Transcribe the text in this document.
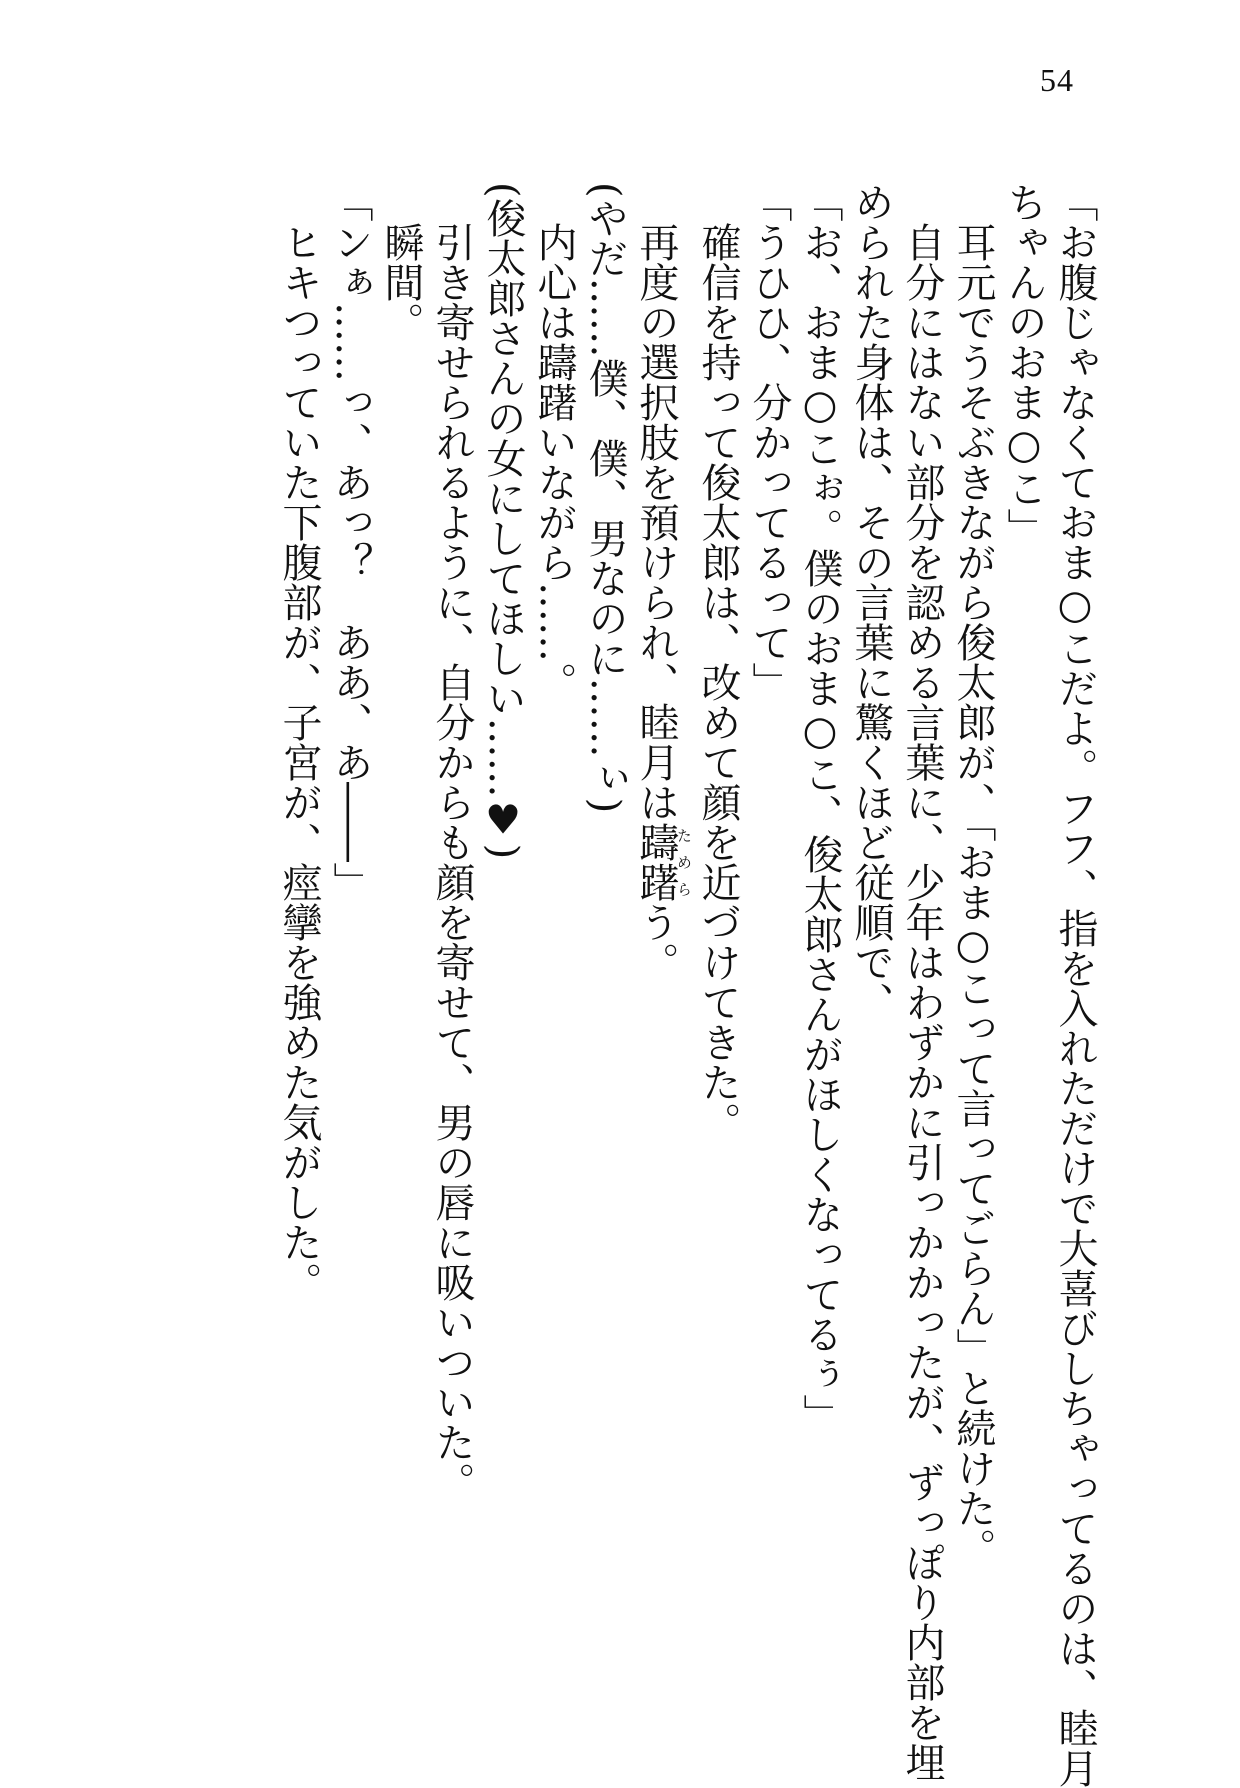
54
「お腹じゃなくておま○こだよ。フフ、指を入れただけで大喜びしちゃってるのは、睦月
ちゃんのおま○こ」
耳元でうそぶきながら俊太郎が、「おま○こって言ってごらん」と続けた。
自分にはない部分を認める言葉に、少年はわずかに引っかかったが、ずっぽり内部を埋
められた身体は、その言葉に驚くほど従順で、
「お、おま○こぉ。僕のおま○こ、俊太郎さんがほしくなってるぅ」
「うひひ、分かってるって」
確信を持って俊太郎は、改めて顔を近づけてきた。
再度の選択肢を預けられ、睦月は躊躇ためらう。
(やだ……僕、僕、男なのに……ぃ)
内心は躊躇いながら……。
(俊太郎さんの女にしてほしい……♥)
引き寄せられるように、自分からも顔を寄せて、男の唇に吸いついた。
瞬間。
「ンぁ……っ、あっ？　ああ、あ――」
ヒキつっていた下腹部が、子宮が、痙攣を強めた気がした。
